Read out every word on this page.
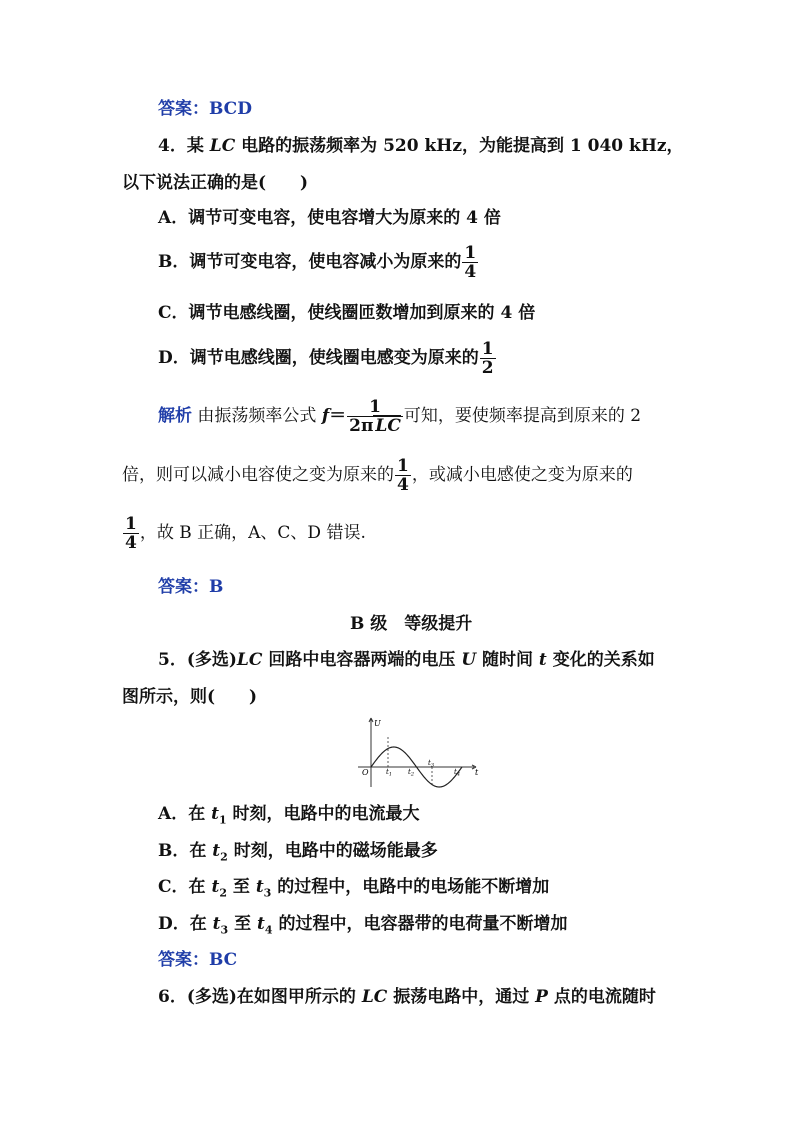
答案：BCD
4．某 LC 电路的振荡频率为 520 kHz，为能提高到 1 040 kHz，
以下说法正确的是(　　)
A．调节可变电容，使电容增大为原来的 4 倍
B．调节可变电容，使电容减小为原来的 $\frac{1}{4}$
C．调节电感线圈，使线圈匝数增加到原来的 4 倍
D．调节电感线圈，使线圈电感变为原来的 $\frac{1}{2}$
解析 由振荡频率公式 $f= \frac{1}{\text{2π LC}}$ 可知，要使频率提高到原来的 2
倍，则可以减小电容使之变为原来的 $\frac{1}{4}$ ，或减小电感使之变为原来的
$\frac{1}{4}$ ，故 B 正确，A、C、D 错误.
答案：B
B 级　等级提升
5．(多选)LC 回路中电容器两端的电压 U 随时间 t 变化的关系如
图所示，则(　　)
U
O	t
$t_1$ $t_2$
$t_3$
$t_4$
A．在 $t_1$ 时刻，电路中的电流最大
B．在 $t_2$ 时刻，电路中的磁场能最多
C．在 $t_2$ 至 $t_3$ 的过程中，电路中的电场能不断增加
D．在 $t_3$ 至 $t_4$ 的过程中，电容器带的电荷量不断增加
答案：BC
6．(多选)在如图甲所示的 LC 振荡电路中，通过 P 点的电流随时
